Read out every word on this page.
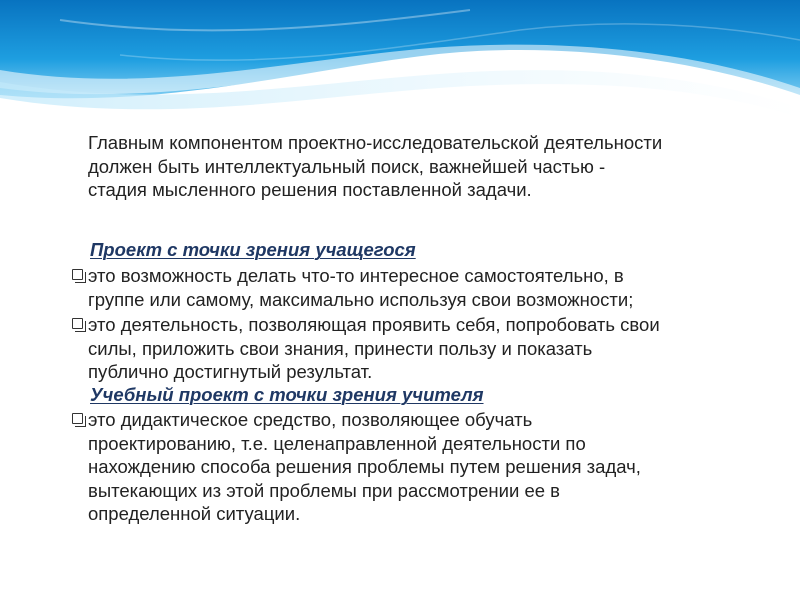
Главным компонентом проектно-исследовательской деятельности
должен быть интеллектуальный поиск, важнейшей частью -
стадия мысленного решения поставленной задачи.

Проект с точки зрения учащегося

это возможность делать что-то интересное самостоятельно, в
группе или самому, максимально используя свои возможности;
это деятельность, позволяющая проявить себя, попробовать свои
силы, приложить свои знания, принести пользу и показать
публично достигнутый результат.

Учебный проект с точки зрения учителя

это дидактическое средство, позволяющее обучать
проектированию, т.е. целенаправленной деятельности по
нахождению способа решения проблемы путем решения задач,
вытекающих из этой проблемы при рассмотрении ее в
определенной ситуации.
